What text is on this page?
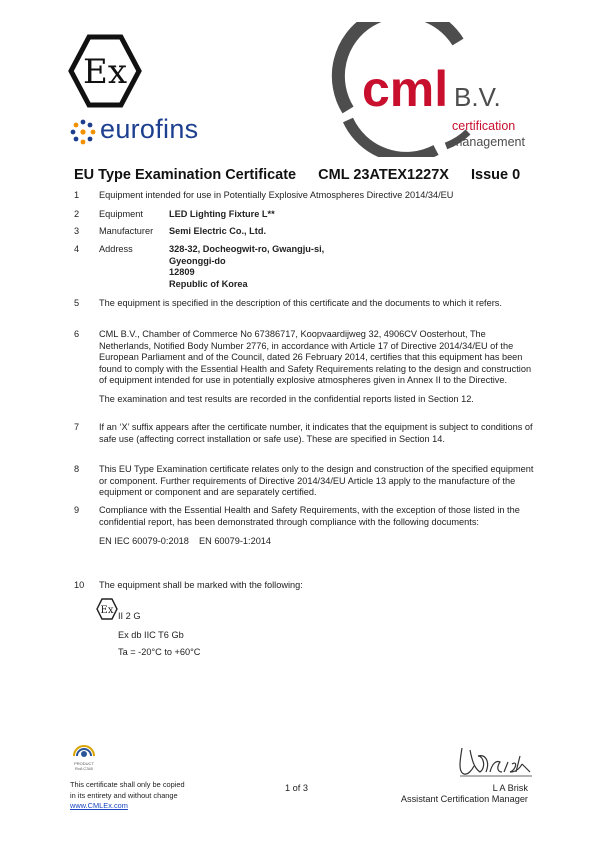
Ex
eurofins
cml B.V.
certification
management
EU Type Examination Certificate CML 23ATEX1227X Issue 0
1	Equipment intended for use in Potentially Explosive Atmospheres Directive 2014/34/EU

2	Equipment	LED Lighting Fixture L**
3	Manufacturer	Semi Electric Co., Ltd.
4	Address	328-32, Docheogwit-ro, Gwangju-si,
Gyeonggi-do
12809
Republic of Korea
5	The equipment is specified in the description of this certificate and the documents to which it refers.

6	CML B.V., Chamber of Commerce No 67386717, Koopvaardijweg 32, 4906CV Oosterhout, The Netherlands, Notified Body Number 2776, in accordance with Article 17 of Directive 2014/34/EU of the European Parliament and of the Council, dated 26 February 2014, certifies that this equipment has been found to comply with the Essential Health and Safety Requirements relating to the design and construction of equipment intended for use in potentially explosive atmospheres given in Annex II to the Directive.

The examination and test results are recorded in the confidential reports listed in Section 12.

7	If an ‘X’ suffix appears after the certificate number, it indicates that the equipment is subject to conditions of safe use (affecting correct installation or safe use). These are specified in Section 14.

8	This EU Type Examination certificate relates only to the design and construction of the specified equipment or component. Further requirements of Directive 2014/34/EU Article 13 apply to the manufacture of the equipment or component and are separately certified.

9	Compliance with the Essential Health and Safety Requirements, with the exception of those listed in the confidential report, has been demonstrated through compliance with the following documents:

EN IEC 60079-0:2018	EN 60079-1:2014
10	The equipment shall be marked with the following:

Ex II 2 G
Ex db IIC T6 Gb
Ta = -20°C to +60°C
PRODUCT
RvA C340
This certificate shall only be copied
in its entirety and without change
www.CMLEx.com
1 of 3	L A Brisk
Assistant Certification Manager
